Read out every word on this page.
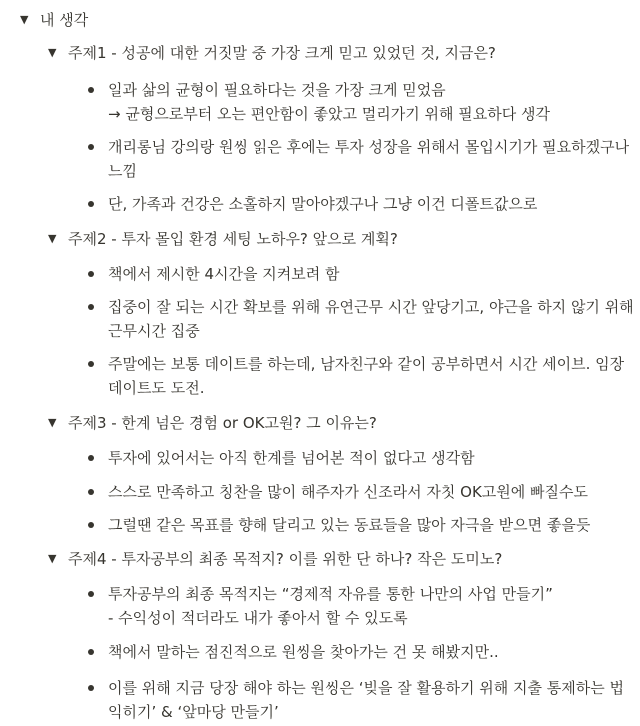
▼ 내 생각
▼ 주제1 - 성공에 대한 거짓말 중 가장 크게 믿고 있었던 것, 지금은?
일과 삶의 균형이 필요하다는 것을 가장 크게 믿었음
→ 균형으로부터 오는 편안함이 좋았고 멀리가기 위해 필요하다 생각
개리롱님 강의랑 원씽 읽은 후에는 투자 성장을 위해서 몰입시기가 필요하겠구나
느낌
단, 가족과 건강은 소홀하지 말아야겠구나 그냥 이건 디폴트값으로
▼ 주제2 - 투자 몰입 환경 세팅 노하우? 앞으로 계획?
책에서 제시한 4시간을 지켜보려 함
집중이 잘 되는 시간 확보를 위해 유연근무 시간 앞당기고, 야근을 하지 않기 위해
근무시간 집중
주말에는 보통 데이트를 하는데, 남자친구와 같이 공부하면서 시간 세이브. 임장
데이트도 도전.
▼ 주제3 - 한계 넘은 경험 or OK고원? 그 이유는?
투자에 있어서는 아직 한계를 넘어본 적이 없다고 생각함
스스로 만족하고 칭찬을 많이 해주자가 신조라서 자칫 OK고원에 빠질수도
그럴땐 같은 목표를 향해 달리고 있는 동료들을 많아 자극을 받으면 좋을듯
▼ 주제4 - 투자공부의 최종 목적지? 이를 위한 단 하나? 작은 도미노?
투자공부의 최종 목적지는 “경제적 자유를 통한 나만의 사업 만들기”
- 수익성이 적더라도 내가 좋아서 할 수 있도록
책에서 말하는 점진적으로 원씽을 찾아가는 건 못 해봤지만..
이를 위해 지금 당장 해야 하는 원씽은 ‘빚을 잘 활용하기 위해 지출 통제하는 법
익히기’ & ‘앞마당 만들기’
